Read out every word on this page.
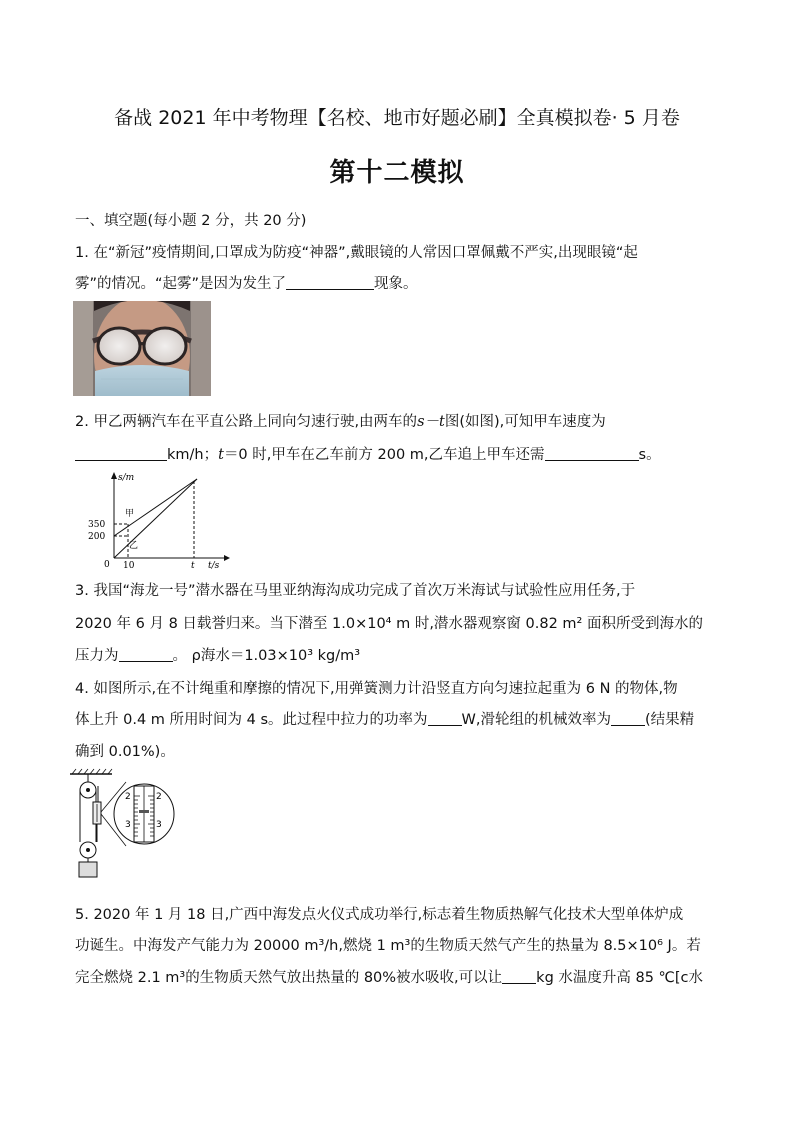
备战 2021 年中考物理【名校、地市好题必刷】全真模拟卷· 5 月卷
第十二模拟
一、填空题(每小题 2 分，共 20 分)
1. 在“新冠”疫情期间,口罩成为防疫“神器”,戴眼镜的人常因口罩佩戴不严实,出现眼镜“起
雾”的情况。“起雾”是因为发生了	现象。
2. 甲乙两辆汽车在平直公路上同向匀速行驶,由两车的s－t图(如图),可知甲车速度为
km/h；t＝0 时,甲车在乙车前方 200 m,乙车追上甲车还需	s。
s/m
t/s
350
200
0 10	t
甲
乙
3. 我国“海龙一号”潜水器在马里亚纳海沟成功完成了首次万米海试与试验性应用任务,于
2020 年 6 月 8 日载誉归来。当下潜至 1.0×10⁴ m 时,潜水器观察窗 0.82 m² 面积所受到海水的
压力为	。 ρ海水＝1.03×10³ kg/m³
4. 如图所示,在不计绳重和摩擦的情况下,用弹簧测力计沿竖直方向匀速拉起重为 6 N 的物体,物
体上升 0.4 m 所用时间为 4 s。此过程中拉力的功率为 W,滑轮组的机械效率为 (结果精
确到 0.01%)。
2	2
3	3
5. 2020 年 1 月 18 日,广西中海发点火仪式成功举行,标志着生物质热解气化技术大型单体炉成
功诞生。中海发产气能力为 20000 m³/h,燃烧 1 m³的生物质天然气产生的热量为 8.5×10⁶ J。若
完全燃烧 2.1 m³的生物质天然气放出热量的 80%被水吸收,可以让 kg 水温度升高 85 ℃[c水
